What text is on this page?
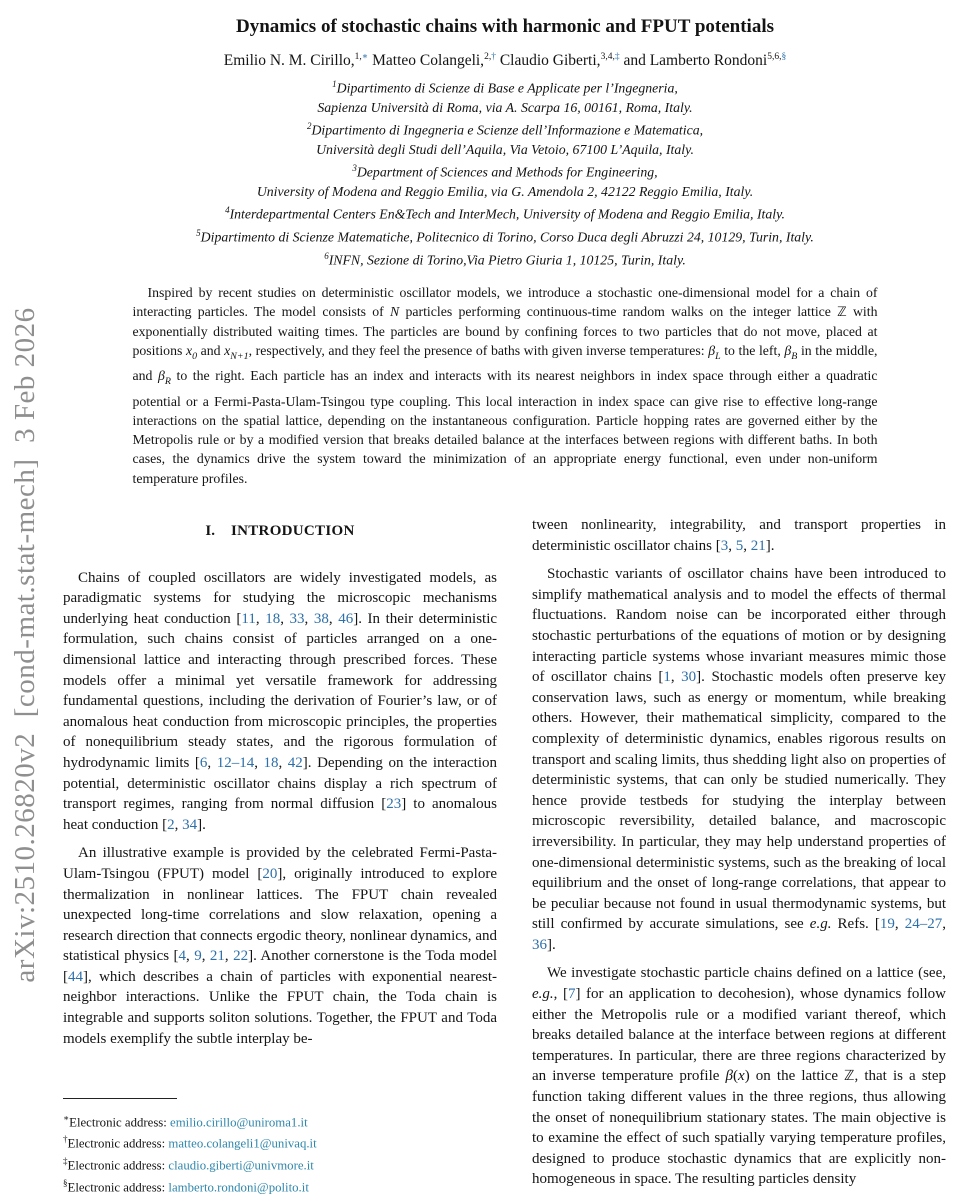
arXiv:2510.26820v2  [cond-mat.stat-mech]  3 Feb 2026
Dynamics of stochastic chains with harmonic and FPUT potentials
Emilio N. M. Cirillo,$^{1,∗}$ Matteo Colangeli,$^{2,\dagger}$ Claudio Giberti,$^{3,4,\ddagger}$ and Lamberto Rondoni$^{5,6,\S}$
$^1$Dipartimento di Scienze di Base e Applicate per l’Ingegneria,
Sapienza Università di Roma, via A. Scarpa 16, 00161, Roma, Italy.
$^2$Dipartimento di Ingegneria e Scienze dell’Informazione e Matematica,
Università degli Studi dell’Aquila, Via Vetoio, 67100 L’Aquila, Italy.
$^3$Department of Sciences and Methods for Engineering,
University of Modena and Reggio Emilia, via G. Amendola 2, 42122 Reggio Emilia, Italy.
$^4$Interdepartmental Centers En&Tech and InterMech, University of Modena and Reggio Emilia, Italy.
$^5$Dipartimento di Scienze Matematiche, Politecnico di Torino, Corso Duca degli Abruzzi 24, 10129, Turin, Italy.
$^6$INFN, Sezione di Torino,Via Pietro Giuria 1, 10125, Turin, Italy.

Inspired by recent studies on deterministic oscillator models, we introduce a stochastic one-dimensional model for a chain of interacting particles. The model consists of N particles performing continuous-time random walks on the integer lattice ℤ with exponentially distributed waiting times. The particles are bound by confining forces to two particles that do not move, placed at positions $x_0$ and $x_{N+1}$, respectively, and they feel the presence of baths with given inverse temperatures: $\beta_L$ to the left, $\beta_B$ in the middle, and $\beta_R$ to the right. Each particle has an index and interacts with its nearest neighbors in index space through either a quadratic potential or a Fermi-Pasta-Ulam-Tsingou type coupling. This local interaction in index space can give rise to effective long-range interactions on the spatial lattice, depending on the instantaneous configuration. Particle hopping rates are governed either by the Metropolis rule or by a modified version that breaks detailed balance at the interfaces between regions with different baths. In both cases, the dynamics drive the system toward the minimization of an appropriate energy functional, even under non-uniform temperature profiles.

I. INTRODUCTION

Chains of coupled oscillators are widely investigated models, as paradigmatic systems for studying the microscopic mechanisms underlying heat conduction [11, 18, 33, 38, 46]. In their deterministic formulation, such chains consist of particles arranged on a one-dimensional lattice and interacting through prescribed forces. These models offer a minimal yet versatile framework for addressing fundamental questions, including the derivation of Fourier’s law, or of anomalous heat conduction from microscopic principles, the properties of nonequilibrium steady states, and the rigorous formulation of hydrodynamic limits [6, 12–14, 18, 42]. Depending on the interaction potential, deterministic oscillator chains display a rich spectrum of transport regimes, ranging from normal diffusion [23] to anomalous heat conduction [2, 34].

An illustrative example is provided by the celebrated Fermi-Pasta-Ulam-Tsingou (FPUT) model [20], originally introduced to explore thermalization in nonlinear lattices. The FPUT chain revealed unexpected long-time correlations and slow relaxation, opening a research direction that connects ergodic theory, nonlinear dynamics, and statistical physics [4, 9, 21, 22]. Another cornerstone is the Toda model [44], which describes a chain of particles with exponential nearest-neighbor interactions. Unlike the FPUT chain, the Toda chain is integrable and supports soliton solutions. Together, the FPUT and Toda models exemplify the subtle interplay be-

tween nonlinearity, integrability, and transport properties in deterministic oscillator chains [3, 5, 21].

Stochastic variants of oscillator chains have been introduced to simplify mathematical analysis and to model the effects of thermal fluctuations. Random noise can be incorporated either through stochastic perturbations of the equations of motion or by designing interacting particle systems whose invariant measures mimic those of oscillator chains [1, 30]. Stochastic models often preserve key conservation laws, such as energy or momentum, while breaking others. However, their mathematical simplicity, compared to the complexity of deterministic dynamics, enables rigorous results on transport and scaling limits, thus shedding light also on properties of deterministic systems, that can only be studied numerically. They hence provide testbeds for studying the interplay between microscopic reversibility, detailed balance, and macroscopic irreversibility. In particular, they may help understand properties of one-dimensional deterministic systems, such as the breaking of local equilibrium and the onset of long-range correlations, that appear to be peculiar because not found in usual thermodynamic systems, but still confirmed by accurate simulations, see e.g. Refs. [19, 24–27, 36].

We investigate stochastic particle chains defined on a lattice (see, e.g., [7] for an application to decohesion), whose dynamics follow either the Metropolis rule or a modified variant thereof, which breaks detailed balance at the interface between regions at different temperatures. In particular, there are three regions characterized by an inverse temperature profile β(x) on the lattice ℤ, that is a step function taking different values in the three regions, thus allowing the onset of nonequilibrium stationary states. The main objective is to examine the effect of such spatially varying temperature profiles, designed to produce stochastic dynamics that are explicitly non-homogeneous in space. The resulting particles density

∗Electronic address: emilio.cirillo@uniroma1.it
†Electronic address: matteo.colangeli1@univaq.it
‡Electronic address: claudio.giberti@univmore.it
§Electronic address: lamberto.rondoni@polito.it
